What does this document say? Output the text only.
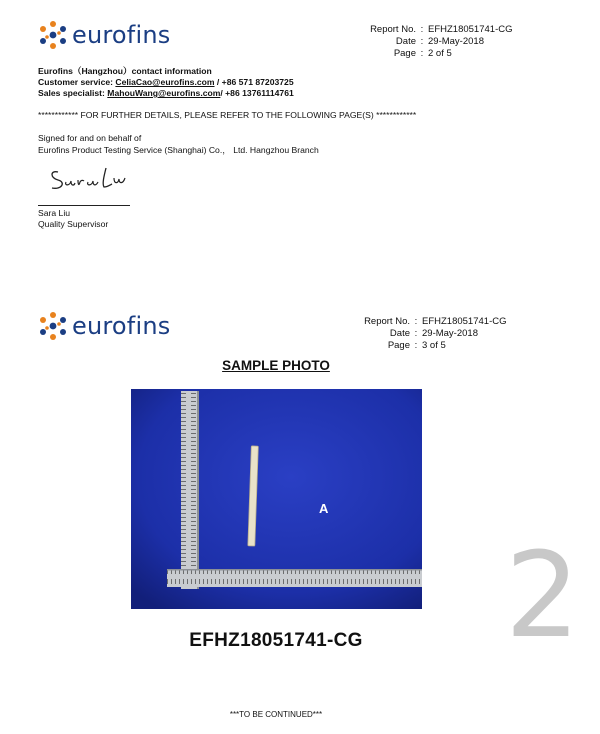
eurofins	Report No. : EFHZ18051741-CG
Date : 29-May-2018
Page : 2 of 5
Eurofins（Hangzhou）contact information
Customer service: CeliaCao@eurofins.com / +86 571 87203725
Sales specialist: MahouWang@eurofins.com/ +86 13761114761
************ FOR FURTHER DETAILS, PLEASE REFER TO THE FOLLOWING PAGE(S) ************
Signed for and on behalf of
Eurofins Product Testing Service (Shanghai) Co.， Ltd. Hangzhou Branch
Sara Liu
Quality Supervisor
eurofins	Report No. : EFHZ18051741-CG
Date : 29-May-2018
Page : 3 of 5
SAMPLE PHOTO
A
EFHZ18051741-CG
***TO BE CONTINUED***
2
